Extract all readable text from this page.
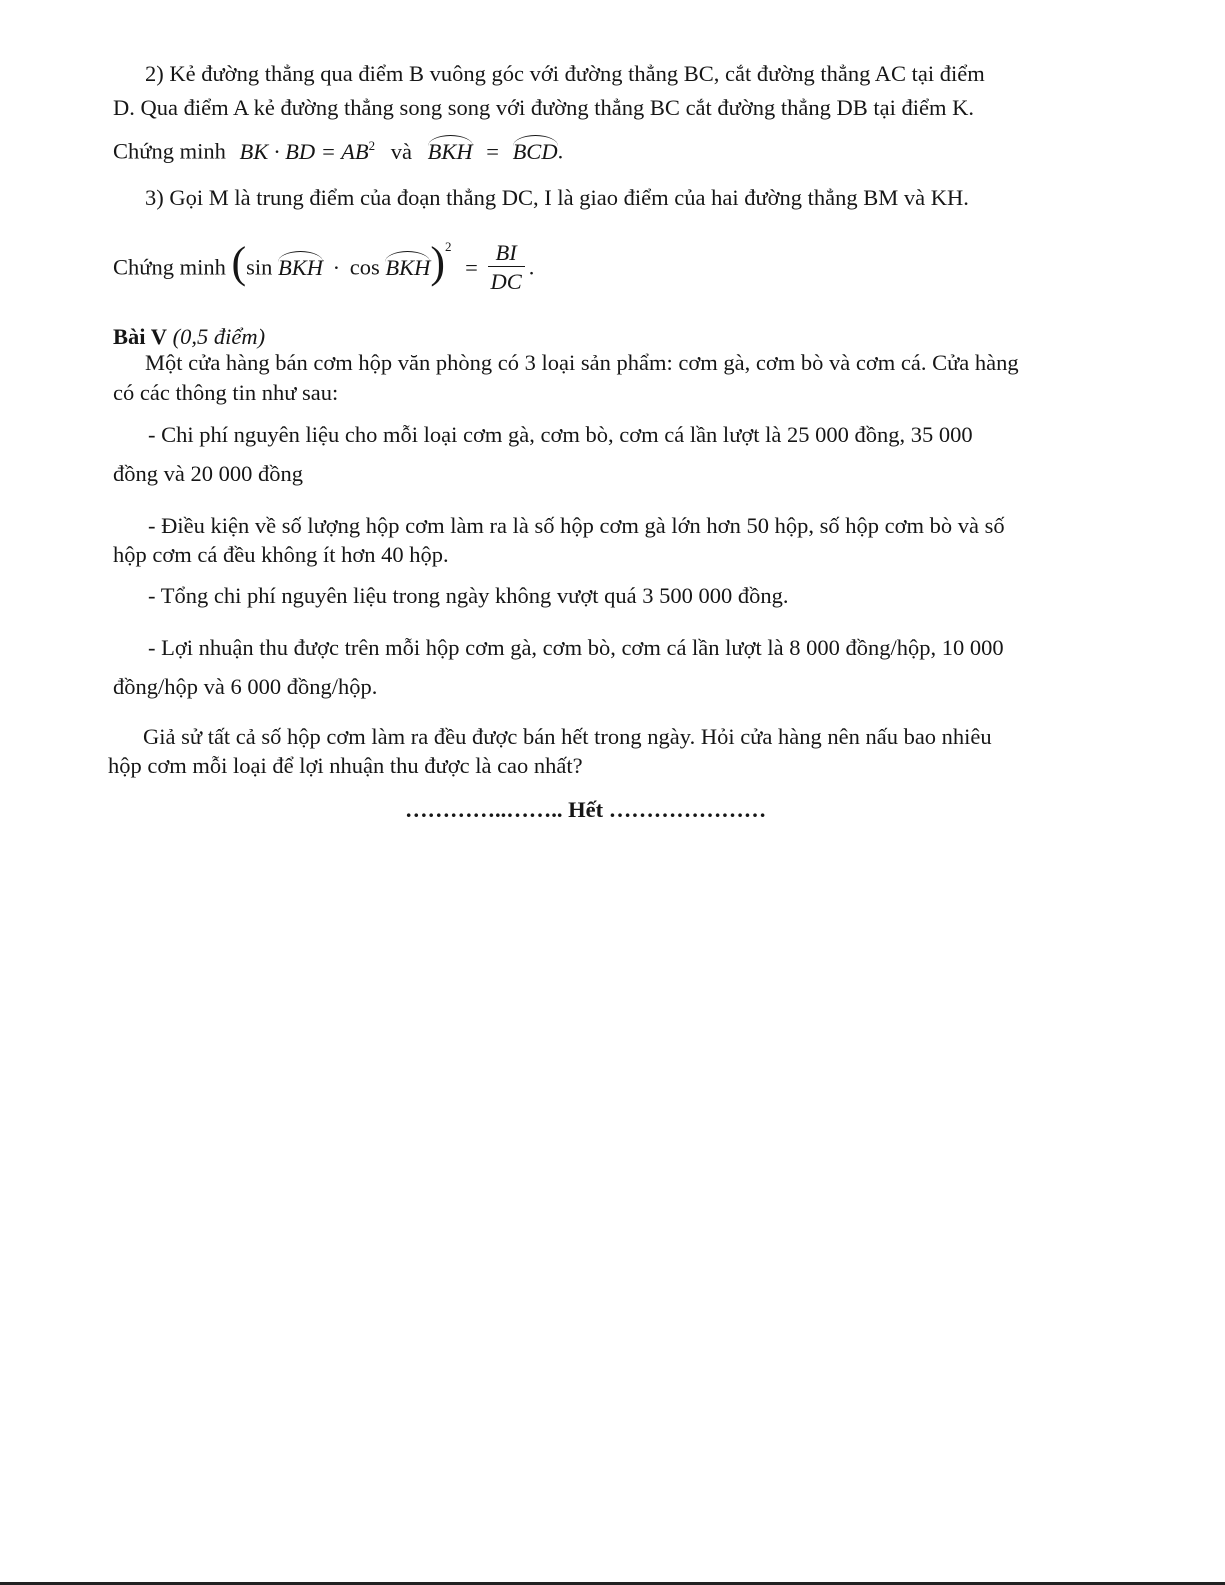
2) Kẻ đường thẳng qua điểm B vuông góc với đường thẳng BC, cắt đường thẳng AC tại điểm
D. Qua điểm A kẻ đường thẳng song song với đường thẳng BC cắt đường thẳng DB tại điểm K.
Chứng minh BK · BD = $AB^2$ và BKH = BCD.
3) Gọi M là trung điểm của đoạn thẳng DC, I là giao điểm của hai đường thẳng BM và KH.
Chứng minh (sin BKH · $\cos BKH)^2 = \frac{BI}{DC}$ .
Bài V (0,5 điểm)
Một cửa hàng bán cơm hộp văn phòng có 3 loại sản phẩm: cơm gà, cơm bò và cơm cá. Cửa hàng
có các thông tin như sau:
- Chi phí nguyên liệu cho mỗi loại cơm gà, cơm bò, cơm cá lần lượt là 25 000 đồng, 35 000
đồng và 20 000 đồng
- Điều kiện về số lượng hộp cơm làm ra là số hộp cơm gà lớn hơn 50 hộp, số hộp cơm bò và số
hộp cơm cá đều không ít hơn 40 hộp.
- Tổng chi phí nguyên liệu trong ngày không vượt quá 3 500 000 đồng.
- Lợi nhuận thu được trên mỗi hộp cơm gà, cơm bò, cơm cá lần lượt là 8 000 đồng/hộp, 10 000
đồng/hộp và 6 000 đồng/hộp.
Giả sử tất cả số hộp cơm làm ra đều được bán hết trong ngày. Hỏi cửa hàng nên nấu bao nhiêu
hộp cơm mỗi loại để lợi nhuận thu được là cao nhất?
…………..…….. Hết …………………
